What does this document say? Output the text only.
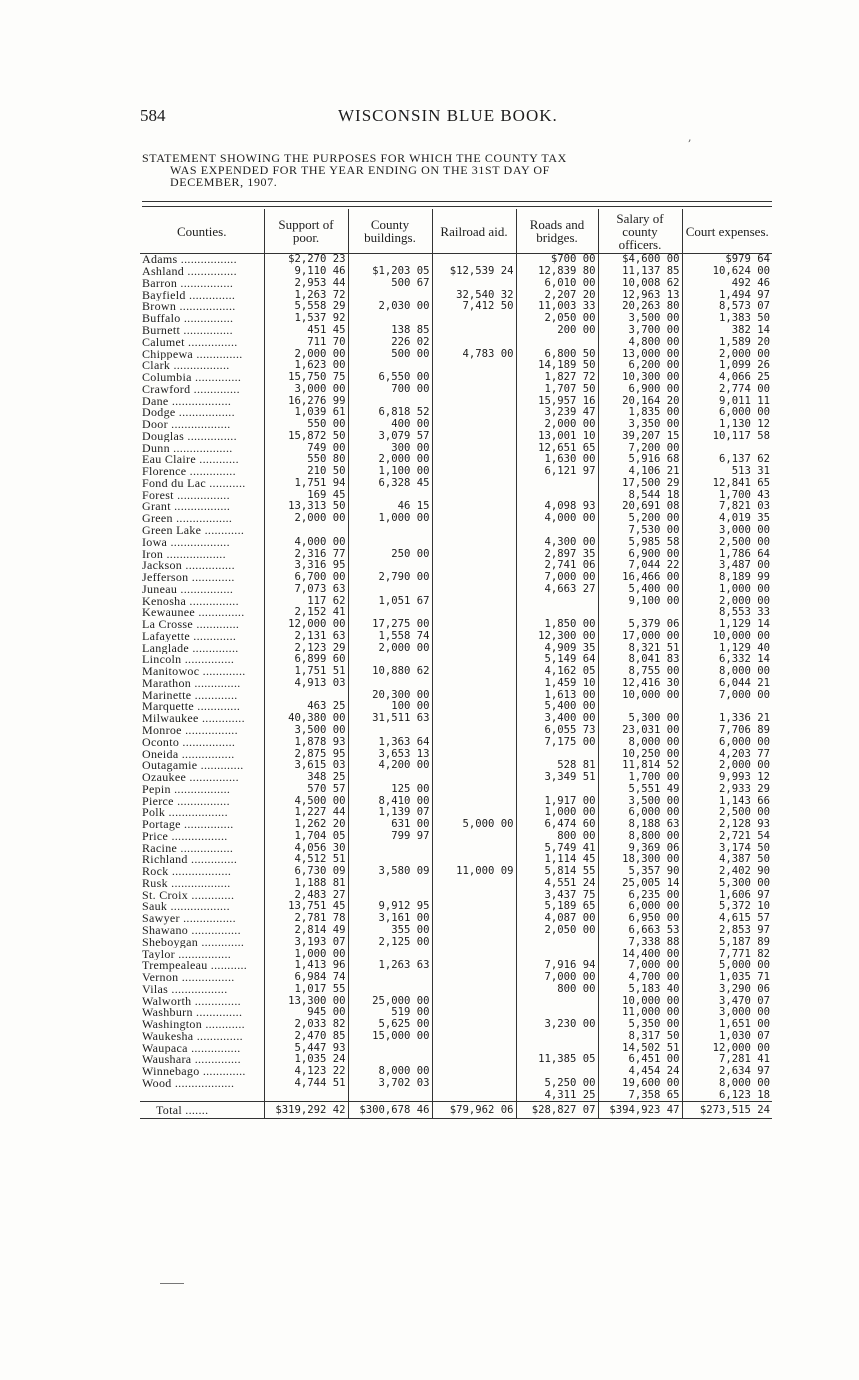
584	WISCONSIN BLUE BOOK.
,
STATEMENT SHOWING THE PURPOSES FOR WHICH THE COUNTY TAX
WAS EXPENDED FOR THE YEAR ENDING ON THE 31ST DAY OF
DECEMBER, 1907.
Counties.	Support of poor.	County buildings.	Railroad aid.	Roads and bridges.	Salary of county officers.	Court expenses.
Adams .................	$2,270 23			$700 00	$4,600 00	$979 64
Ashland ...............	9,110 46	$1,203 05	$12,539 24	12,839 80	11,137 85	10,624 00
Barron ................	2,953 44	500 67		6,010 00	10,008 62	492 46
Bayfield ..............	1,263 72		32,540 32	2,207 20	12,963 13	1,494 97
Brown .................	5,558 29	2,030 00	7,412 50	11,003 33	20,263 80	8,573 07
Buffalo ...............	1,537 92			2,050 00	3,500 00	1,383 50
Burnett ...............	451 45	138 85		200 00	3,700 00	382 14
Calumet ...............	711 70	226 02			4,800 00	1,589 20
Chippewa ..............	2,000 00	500 00	4,783 00	6,800 50	13,000 00	2,000 00
Clark .................	1,623 00			14,189 50	6,200 00	1,099 26
Columbia ..............	15,750 75	6,550 00		1,827 72	10,300 00	4,066 25
Crawford ..............	3,000 00	700 00		1,707 50	6,900 00	2,774 00
Dane ..................	16,276 99			15,957 16	20,164 20	9,011 11
Dodge .................	1,039 61	6,818 52		3,239 47	1,835 00	6,000 00
Door ..................	550 00	400 00		2,000 00	3,350 00	1,130 12
Douglas ...............	15,872 50	3,079 57		13,001 10	39,207 15	10,117 58
Dunn ..................	749 00	300 00		12,651 65	7,200 00	
Eau Claire ............	550 80	2,000 00		1,630 00	5,916 68	6,137 62
Florence ..............	210 50	1,100 00		6,121 97	4,106 21	513 31
Fond du Lac ...........	1,751 94	6,328 45			17,500 29	12,841 65
Forest ................	169 45				8,544 18	1,700 43
Grant .................	13,313 50	46 15		4,098 93	20,691 08	7,821 03
Green .................	2,000 00	1,000 00		4,000 00	5,200 00	4,019 35
Green Lake ............					7,530 00	3,000 00
Iowa ..................	4,000 00			4,300 00	5,985 58	2,500 00
Iron ..................	2,316 77	250 00		2,897 35	6,900 00	1,786 64
Jackson ...............	3,316 95			2,741 06	7,044 22	3,487 00
Jefferson .............	6,700 00	2,790 00		7,000 00	16,466 00	8,189 99
Juneau ................	7,073 63			4,663 27	5,400 00	1,000 00
Kenosha ...............	117 62	1,051 67			9,100 00	2,000 00
Kewaunee ..............	2,152 41					8,553 33
La Crosse .............	12,000 00	17,275 00		1,850 00	5,379 06	1,129 14
Lafayette .............	2,131 63	1,558 74		12,300 00	17,000 00	10,000 00
Langlade ..............	2,123 29	2,000 00		4,909 35	8,321 51	1,129 40
Lincoln ...............	6,899 60			5,149 64	8,041 83	6,332 14
Manitowoc .............	1,751 51	10,880 62		4,162 05	8,755 00	8,000 00
Marathon ..............	4,913 03			1,459 10	12,416 30	6,044 21
Marinette .............		20,300 00		1,613 00	10,000 00	7,000 00
Marquette .............	463 25	100 00		5,400 00		
Milwaukee .............	40,380 00	31,511 63		3,400 00	5,300 00	1,336 21
Monroe ................	3,500 00			6,055 73	23,031 00	7,706 89
Oconto ................	1,878 93	1,363 64		7,175 00	8,000 00	6,000 00
Oneida ................	2,875 95	3,653 13			10,250 00	4,203 77
Outagamie .............	3,615 03	4,200 00		528 81	11,814 52	2,000 00
Ozaukee ...............	348 25			3,349 51	1,700 00	9,993 12
Pepin .................	570 57	125 00			5,551 49	2,933 29
Pierce ................	4,500 00	8,410 00		1,917 00	3,500 00	1,143 66
Polk ..................	1,227 44	1,139 07		1,000 00	6,000 00	2,500 00
Portage ...............	1,262 20	631 00	5,000 00	6,474 60	8,188 63	2,128 93
Price .................	1,704 05	799 97		800 00	8,800 00	2,721 54
Racine ................	4,056 30			5,749 41	9,369 06	3,174 50
Richland ..............	4,512 51			1,114 45	18,300 00	4,387 50
Rock ..................	6,730 09	3,580 09	11,000 09	5,814 55	5,357 90	2,402 90
Rusk ..................	1,188 81			4,551 24	25,005 14	5,300 00
St. Croix .............	2,483 27			3,437 75	6,235 00	1,606 97
Sauk ..................	13,751 45	9,912 95		5,189 65	6,000 00	5,372 10
Sawyer ................	2,781 78	3,161 00		4,087 00	6,950 00	4,615 57
Shawano ...............	2,814 49	355 00		2,050 00	6,663 53	2,853 97
Sheboygan .............	3,193 07	2,125 00			7,338 88	5,187 89
Taylor ................	1,000 00				14,400 00	7,771 82
Trempealeau ...........	1,413 96	1,263 63		7,916 94	7,000 00	5,000 00
Vernon ................	6,984 74			7,000 00	4,700 00	1,035 71
Vilas .................	1,017 55			800 00	5,183 40	3,290 06
Walworth ..............	13,300 00	25,000 00			10,000 00	3,470 07
Washburn ..............	945 00	519 00			11,000 00	3,000 00
Washington ............	2,033 82	5,625 00		3,230 00	5,350 00	1,651 00
Waukesha ..............	2,470 85	15,000 00			8,317 50	1,030 07
Waupaca ...............	5,447 93				14,502 51	12,000 00
Waushara ..............	1,035 24			11,385 05	6,451 00	7,281 41
Winnebago .............	4,123 22	8,000 00			4,454 24	2,634 97
Wood ..................	4,744 51	3,702 03		5,250 00	19,600 00	8,000 00
				4,311 25	7,358 65	6,123 18
Total .......	$319,292 42	$300,678 46	$79,962 06	$28,827 07	$394,923 47	$273,515 24
